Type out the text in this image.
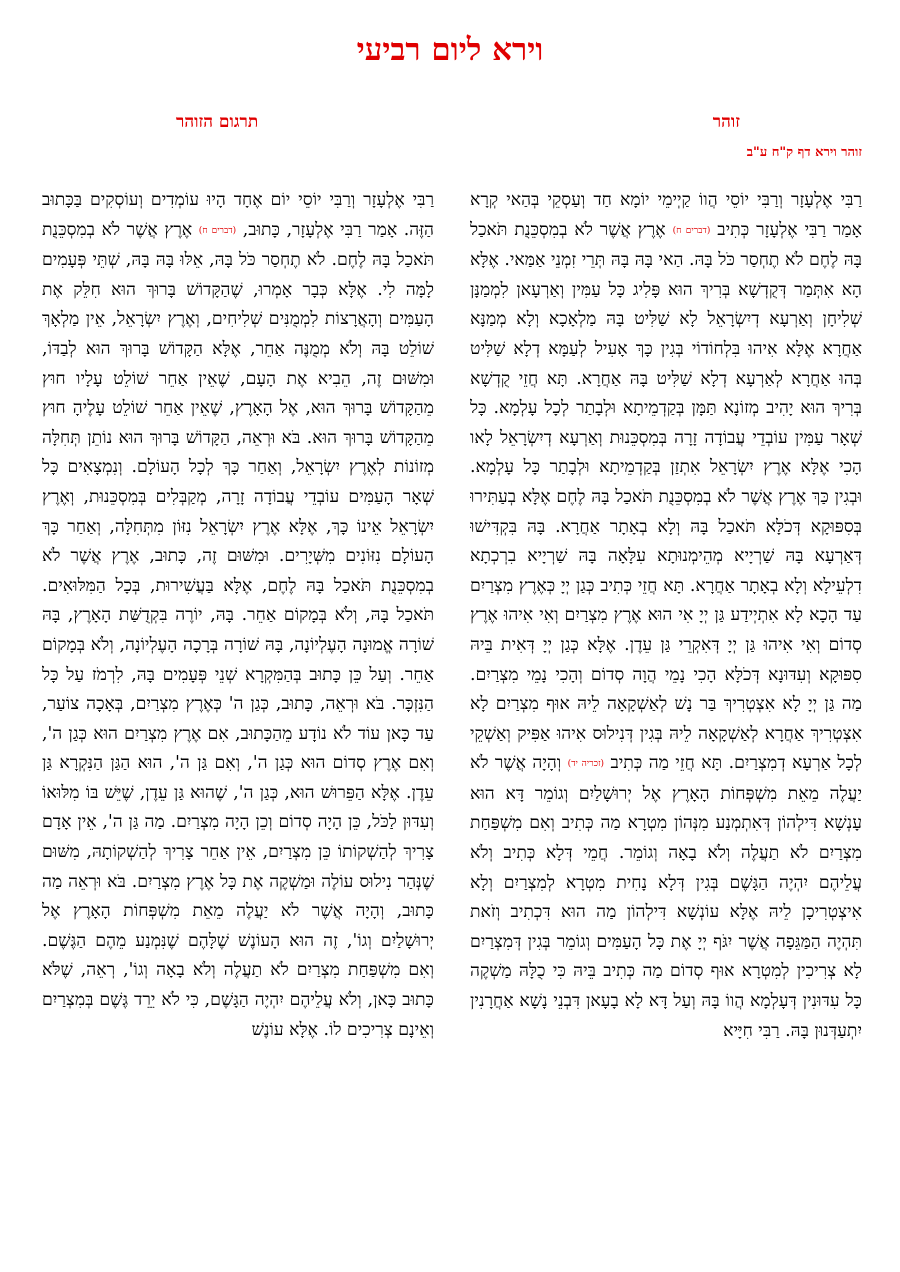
וירא ליום רביעי
זוהר
תרגום הזוהר
זוהר וירא דף ק"ח ע"ב

רַבִּי אֶלְעָזָר וְרַבִּי יוֹסֵי הֲווֹ קַיְימֵי יוֹמָא חַד וְעַסְקֵי בְּהַאי קְרָא אָמַר רַבִּי אֶלְעָזָר כְּתִיב (דברים ח) אֶרֶץ אֲשֶׁר לֹא בְמִסְכֵּנֻת תֹּאכַל בָּהּ לֶחֶם לֹא תֶחְסַר כֹּל בָּהּ. הַאי בָּהּ בָּהּ תְּרֵי זִמְנֵי אַמַּאי. אֶלָּא הָא אִתְּמַר דְּקֻדְשָׁא בְּרִיךְ הוּא פָּלִיג כָּל עַמִּין וְאַרְעָאן לִמְמַנָּן שְׁלִיחָן וְאַרְעָא דְיִשְׂרָאֵל לָא שַׁלִּיט בָּהּ מַלְאָכָא וְלָא מְמַנָּא אַחֲרָא אֶלָּא אִיהוּ בִּלְחוֹדוֹי בְּגִין כָּךְ אָעִיל לְעַמָּא דְלָא שַׁלִּיט בְּהוּ אַחֲרָא לְאַרְעָא דְלָא שַׁלִּיט בָּהּ אַחֲרָא. תָּא חֲזֵי קֻדְשָׁא בְּרִיךְ הוּא יָהִיב מְזוֹנָא תַּמָּן בְּקַדְמֵיתָא וּלְבָתַר לְכָל עָלְמָא. כָּל שְׁאָר עַמִּין עוֹבְדֵי עֲבוֹדָה זָרָה בְּמִסְכֵּנוּת וְאַרְעָא דְיִשְׂרָאֵל לָאו הָכִי אֶלָּא אֶרֶץ יִשְׂרָאֵל אִתְזַן בְּקַדְמֵיתָא וּלְבָתַר כָּל עָלְמָא. וּבְגִין כַּךְ אֶרֶץ אֲשֶׁר לֹא בְמִסְכֵּנֻת תֹּאכַל בָּהּ לֶחֶם אֶלָּא בְעַתִּירוּ בְּסִפּוּקָא דְּכֹלָּא תֹּאכַל בָּהּ וְלָא בְאָתָר אַחֲרָא. בָּהּ בִּקְדִּישׁוּ דְּאַרְעָא בָּהּ שַׁרְיָיא מְהֵימְנוּתָא עִלָּאָה בָּהּ שַׁרְיָיא בִרְכְתָא דִלְעֵילָא וְלָא בְאָתָר אַחֲרָא. תָּא חֲזֵי כְּתִיב כְּגַן יְיָ כְּאֶרֶץ מִצְרַיִם עַד הָכָא לָא אִתְיְידַע גַּן יְיָ אִי הוּא אֶרֶץ מִצְרַיִם וְאִי אִיהוּ אֶרֶץ סְדוֹם וְאִי אִיהוּ גַּן יְיָ דְּאִקְרֵי גַּן עֵדֶן. אֶלָּא כְּגַן יְיָ דְּאִית בֵּיהּ סִפּוּקָא וְעִדּוּנָא דְּכֹלָּא הָכִי נָמֵי הֲוָה סְדוֹם וְהָכִי נָמֵי מִצְרַיִם. מַה גַּן יְיָ לָא אִצְטְרִיךְ בַּר נָשׁ לְאַשְׁקָאָה לֵיהּ אוּף מִצְרַיִם לָא אִצְטְרִיךְ אַחֲרָא לְאַשְׁקָאָה לֵיהּ בְּגִין דְּנִילוּס אִיהוּ אַפִּיק וְאַשְׁקֵי לְכָל אַרְעָא דְמִצְרַיִם. תָּא חֲזֵי מַה כְּתִיב (זכריה יד) וְהָיָה אֲשֶׁר לֹא יַעֲלֶה מֵאֵת מִשְׁפְּחוֹת הָאָרֶץ אֶל יְרוּשָׁלַיִם וְגוֹמֵר דָּא הוּא עָנְשָׁא דִּילְהוֹן דְּאִתְמְנַע מִנְּהוֹן מִטְרָא מַה כְּתִיב וְאִם מִשְׁפַּחַת מִצְרַיִם לֹא תַעֲלֶה וְלֹא בָאָה וְגוֹמֵר. חֲמֵי דְּלָא כְּתִיב וְלֹא עֲלֵיהֶם יִהְיֶה הַגָּשֶׁם בְּגִין דְּלָא נָחִית מִטְרָא לְמִצְרַיִם וְלָא אִיצְטְרִיכָן לֵיהּ אֶלָּא עוֹנְשָׁא דִּילְהוֹן מַה הוּא דִּכְתִיב וְזֹאת תִּהְיֶה הַמַּגֵּפָה אֲשֶׁר יִגֹּף יְיָ אֶת כָּל הָעַמִּים וְגוֹמֵר בְּגִין דְּמִצְרַיִם לָא צְרִיכִין לְמִטְרָא אוּף סְדוֹם מַה כְּתִיב בֵּיהּ כִּי כֻלָּהּ מַשְׁקֶה כָּל עִדּוּנִין דְּעָלְמָא הֲווֹ בָּהּ וְעַל דָּא לָא בָעָאן דִּבְנֵי נָשָׁא אַחֲרָנִין יִתְעַדְּנוּן בָּהּ. רַבִּי חִיָּיא

רַבִּי אֶלְעָזָר וְרַבִּי יוֹסֵי יוֹם אֶחָד הָיוּ עוֹמְדִים וְעוֹסְקִים בַּכָּתוּב הַזֶּה. אָמַר רַבִּי אֶלְעָזָר, כָּתוּב, (דברים ח) אֶרֶץ אֲשֶׁר לֹא בְמִסְכֵּנֻת תֹּאכַל בָּהּ לֶחֶם. לֹא תֶחְסַר כֹּל בָּהּ, אֵלּוּ בָּהּ בָּהּ, שְׁתֵּי פְּעָמִים לָמָּה לִי. אֶלָּא כְּבָר אָמְרוּ, שֶׁהַקָּדוֹשׁ בָּרוּךְ הוּא חִלֵּק אֶת הָעַמִּים וְהָאֲרָצוֹת לִמְמֻנִּים שְׁלִיחִים, וְאֶרֶץ יִשְׂרָאֵל, אֵין מַלְאָךְ שׁוֹלֵט בָּהּ וְלֹא מְמֻנֶּה אַחֵר, אֶלָּא הַקָּדוֹשׁ בָּרוּךְ הוּא לְבַדּוֹ, וּמִשּׁוּם זֶה, הֵבִיא אֶת הָעָם, שֶׁאֵין אַחֵר שׁוֹלֵט עָלָיו חוּץ מֵהַקָּדוֹשׁ בָּרוּךְ הוּא, אֶל הָאָרֶץ, שֶׁאֵין אַחֵר שׁוֹלֵט עָלֶיהָ חוּץ מֵהַקָּדוֹשׁ בָּרוּךְ הוּא. בֹּא וּרְאֵה, הַקָּדוֹשׁ בָּרוּךְ הוּא נוֹתֵן תְּחִלָּה מְזוֹנוֹת לְאֶרֶץ יִשְׂרָאֵל, וְאַחַר כָּךְ לְכָל הָעוֹלָם. וְנִמְצָאִים כָּל שְׁאָר הָעַמִּים עוֹבְדֵי עֲבוֹדָה זָרָה, מְקַבְּלִים בְּמִסְכֵּנוּת, וְאֶרֶץ יִשְׂרָאֵל אֵינוֹ כָּךְ, אֶלָּא אֶרֶץ יִשְׂרָאֵל נִזּוֹן מִתְּחִלָּה, וְאַחַר כָּךְ הָעוֹלָם נִזּוֹנִים מִשְּׁיָרִים. וּמִשּׁוּם זֶה, כָּתוּב, אֶרֶץ אֲשֶׁר לֹא בְמִסְכֵּנֻת תֹּאכַל בָּהּ לֶחֶם, אֶלָּא בַּעֲשִׁירוּת, בְּכָל הַמִּלּוּאִים. תֹּאכַל בָּהּ, וְלֹא בְּמָקוֹם אַחֵר. בָּהּ, יוֹרֶה בִּקְדֻשַּׁת הָאָרֶץ, בָּהּ שׁוֹרָה אֱמוּנָה הָעֶלְיוֹנָה, בָּהּ שׁוֹרָה בְּרָכָה הָעֶלְיוֹנָה, וְלֹא בְּמָקוֹם אַחֵר. וְעַל כֵּן כָּתוּב בְּהַמִּקְרָא שְׁנֵי פְּעָמִים בָּהּ, לִרְמֹז עַל כָּל הַנִּזְכָּר. בֹּא וּרְאֵה, כָּתוּב, כְּגַן ה' כְּאֶרֶץ מִצְרַיִם, בְּאָכָה צוֹעַר, עַד כָּאן עוֹד לֹא נוֹדָע מֵהַכָּתוּב, אִם אֶרֶץ מִצְרַיִם הוּא כְּגַן ה', וְאִם אֶרֶץ סְדוֹם הוּא כְּגַן ה', וְאִם גַּן ה', הוּא הַגַּן הַנִּקְרָא גַּן עֵדֶן. אֶלָּא הַפֵּרוּשׁ הוּא, כְּגַן ה', שֶׁהוּא גַּן עֵדֶן, שֶׁיֵּשׁ בּוֹ מִלּוּאוֹ וְעִדּוּן לַכֹּל, כֵּן הָיָה סְדוֹם וְכֵן הָיָה מִצְרַיִם. מַה גַּן ה', אֵין אָדָם צָרִיךְ לְהַשְׁקוֹתוֹ כֵּן מִצְרַיִם, אֵין אַחֵר צָרִיךְ לְהַשְׁקוֹתָהּ, מִשּׁוּם שֶׁנְּהַר נִילוּס עוֹלֶה וּמַשְׁקֶה אֶת כָּל אֶרֶץ מִצְרַיִם. בֹּא וּרְאֵה מַה כָּתוּב, וְהָיָה אֲשֶׁר לֹא יַעֲלֶה מֵאֵת מִשְׁפְּחוֹת הָאָרֶץ אֶל יְרוּשָׁלַיִם וְגוֹ', זֶה הוּא הָעוֹנֶשׁ שֶׁלָּהֶם שֶׁנִּמְנַע מֵהֶם הַגֶּשֶׁם. וְאִם מִשְׁפַּחַת מִצְרַיִם לֹא תַעֲלֶה וְלֹא בָאָה וְגוֹ', רְאֵה, שֶׁלֹּא כָּתוּב כָּאן, וְלֹא עֲלֵיהֶם יִהְיֶה הַגָּשֶׁם, כִּי לֹא יֵרֵד גֶּשֶׁם בְּמִצְרַיִם וְאֵינָם צְרִיכִים לוֹ. אֶלָּא עוֹנֶשׁ
